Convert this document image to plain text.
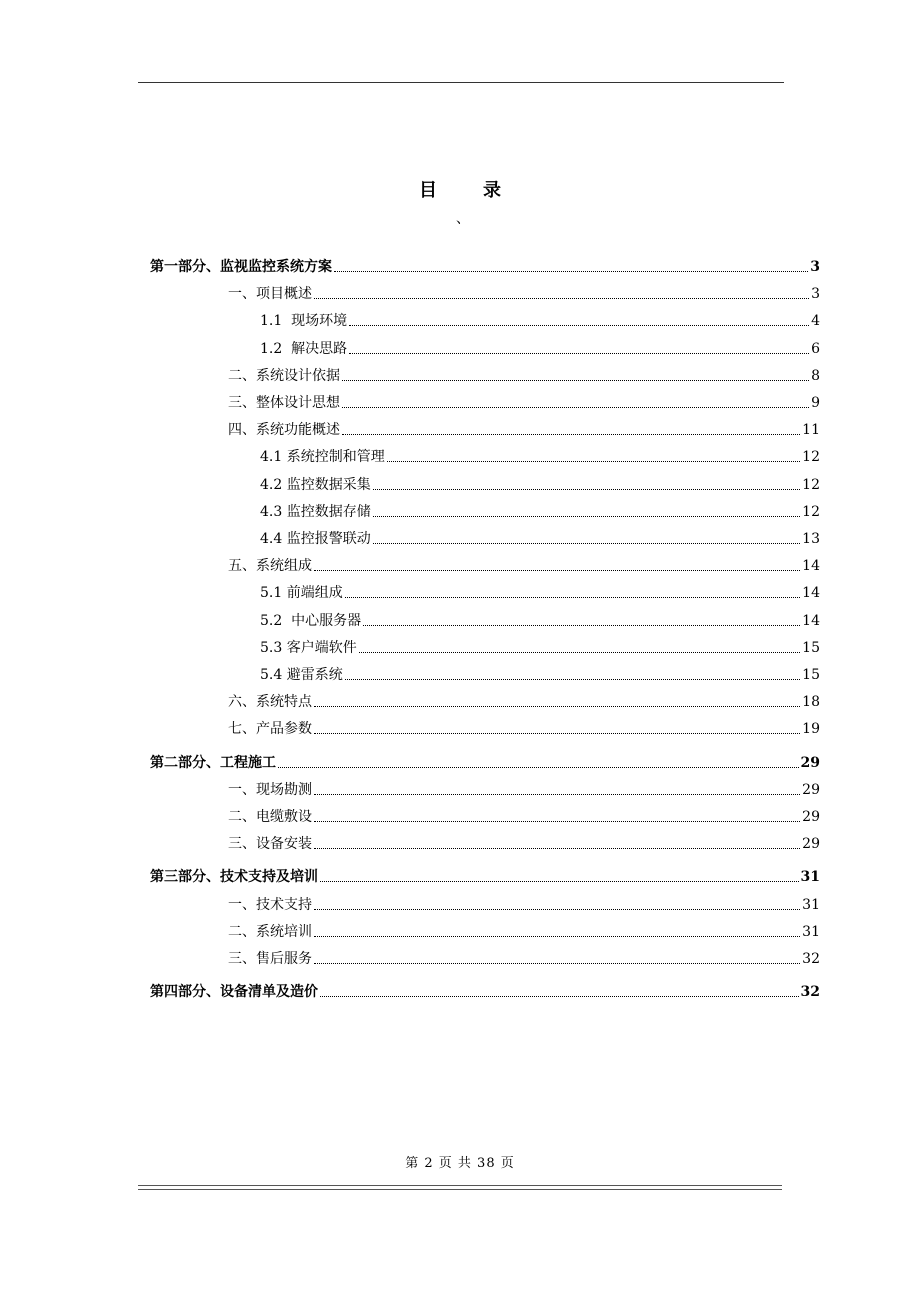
目	录
、
第一部分、监视监控系统方案	3
一、项目概述	3
1.1  现场环境	4
1.2  解决思路	6
二、系统设计依据	8
三、整体设计思想	9
四、系统功能概述	11
4.1 系统控制和管理	12
4.2 监控数据采集	12
4.3 监控数据存储	12
4.4 监控报警联动	13
五、系统组成	14
5.1 前端组成	14
5.2  中心服务器	14
5.3 客户端软件	15
5.4 避雷系统	15
六、系统特点	18
七、产品参数	19
第二部分、工程施工	29
一、现场勘测	29
二、电缆敷设	29
三、设备安装	29
第三部分、技术支持及培训	31
一、技术支持	31
二、系统培训	31
三、售后服务	32
第四部分、设备清单及造价	32
第 2 页 共 38 页
